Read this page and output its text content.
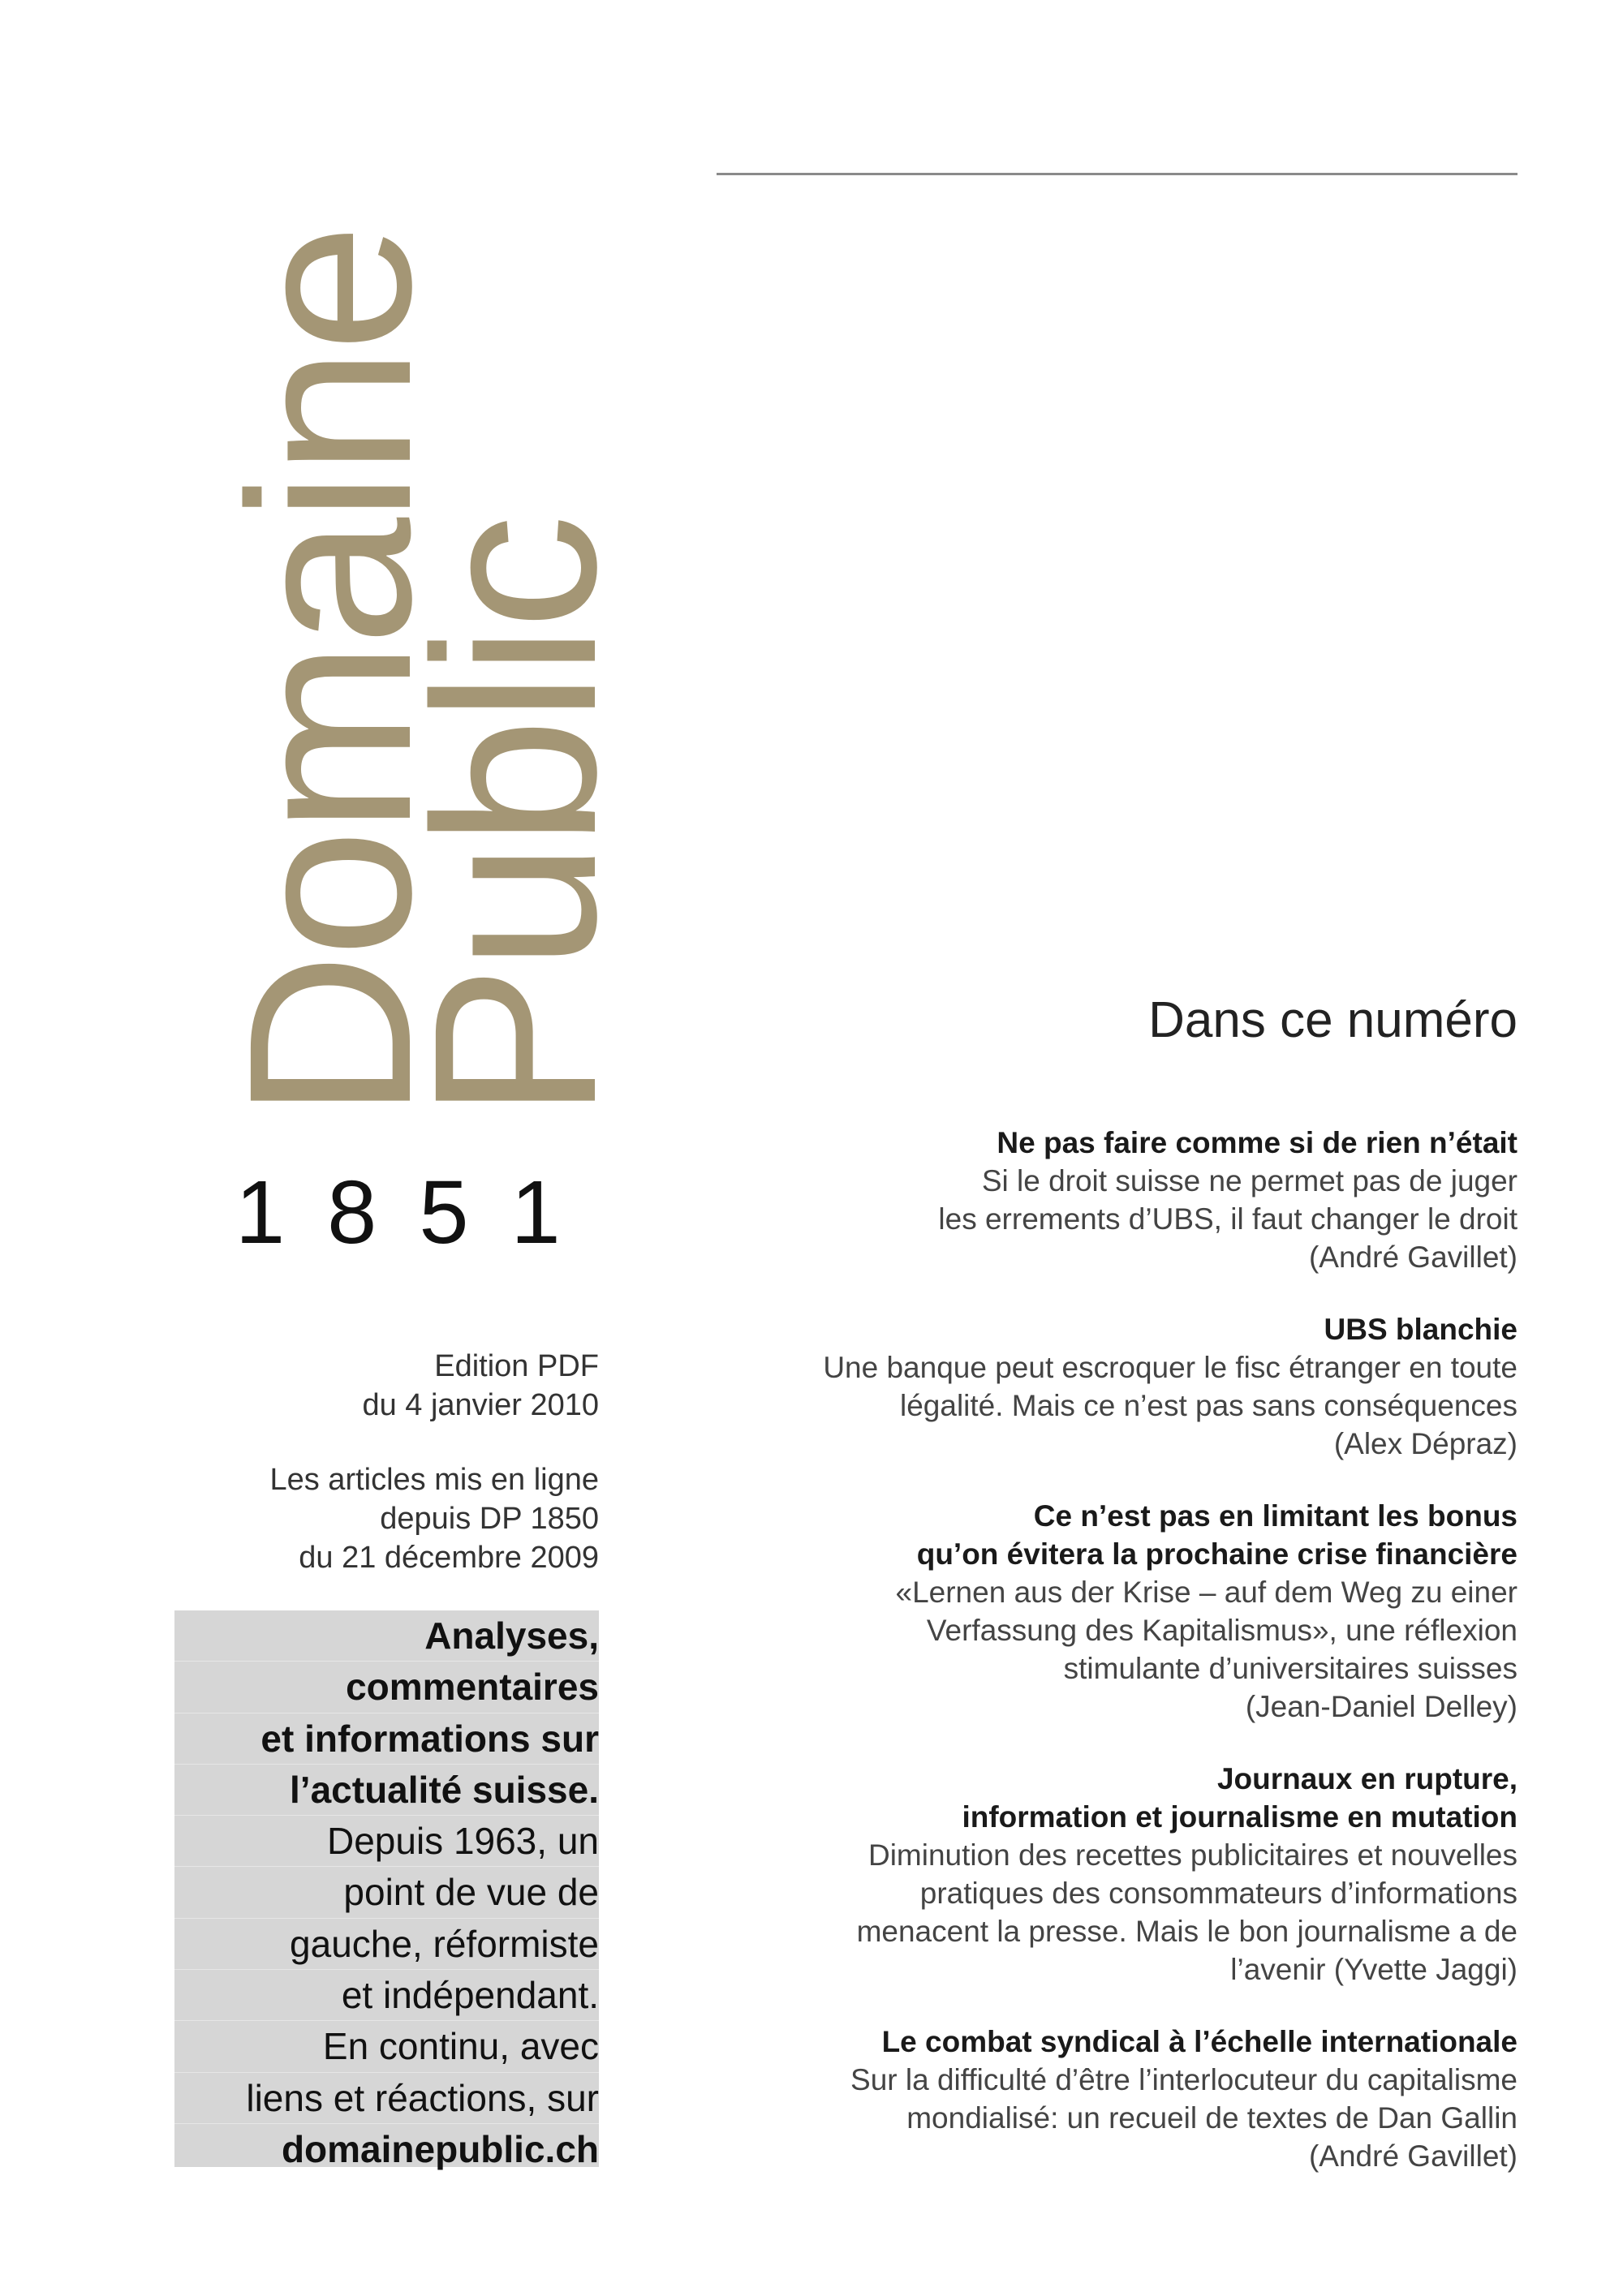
Domaine
Public
1851
Edition PDF
du 4 janvier 2010
Les articles mis en ligne
depuis DP 1850
du 21 décembre 2009
Analyses,
commentaires
et informations sur
l’actualité suisse.
Depuis 1963, un
point de vue de
gauche, réformiste
et indépendant.
En continu, avec
liens et réactions, sur
domainepublic.ch
Dans ce numéro
Ne pas faire comme si de rien n’était
Si le droit suisse ne permet pas de juger
les errements d’UBS, il faut changer le droit
(André Gavillet)
UBS blanchie
Une banque peut escroquer le fisc étranger en toute
légalité. Mais ce n’est pas sans conséquences
(Alex Dépraz)
Ce n’est pas en limitant les bonus
qu’on évitera la prochaine crise financière
«Lernen aus der Krise – auf dem Weg zu einer
Verfassung des Kapitalismus», une réflexion
stimulante d’universitaires suisses
(Jean-Daniel Delley)
Journaux en rupture,
information et journalisme en mutation
Diminution des recettes publicitaires et nouvelles
pratiques des consommateurs d’informations
menacent la presse. Mais le bon journalisme a de
l’avenir (Yvette Jaggi)
Le combat syndical à l’échelle internationale
Sur la difficulté d’être l’interlocuteur du capitalisme
mondialisé: un recueil de textes de Dan Gallin
(André Gavillet)
